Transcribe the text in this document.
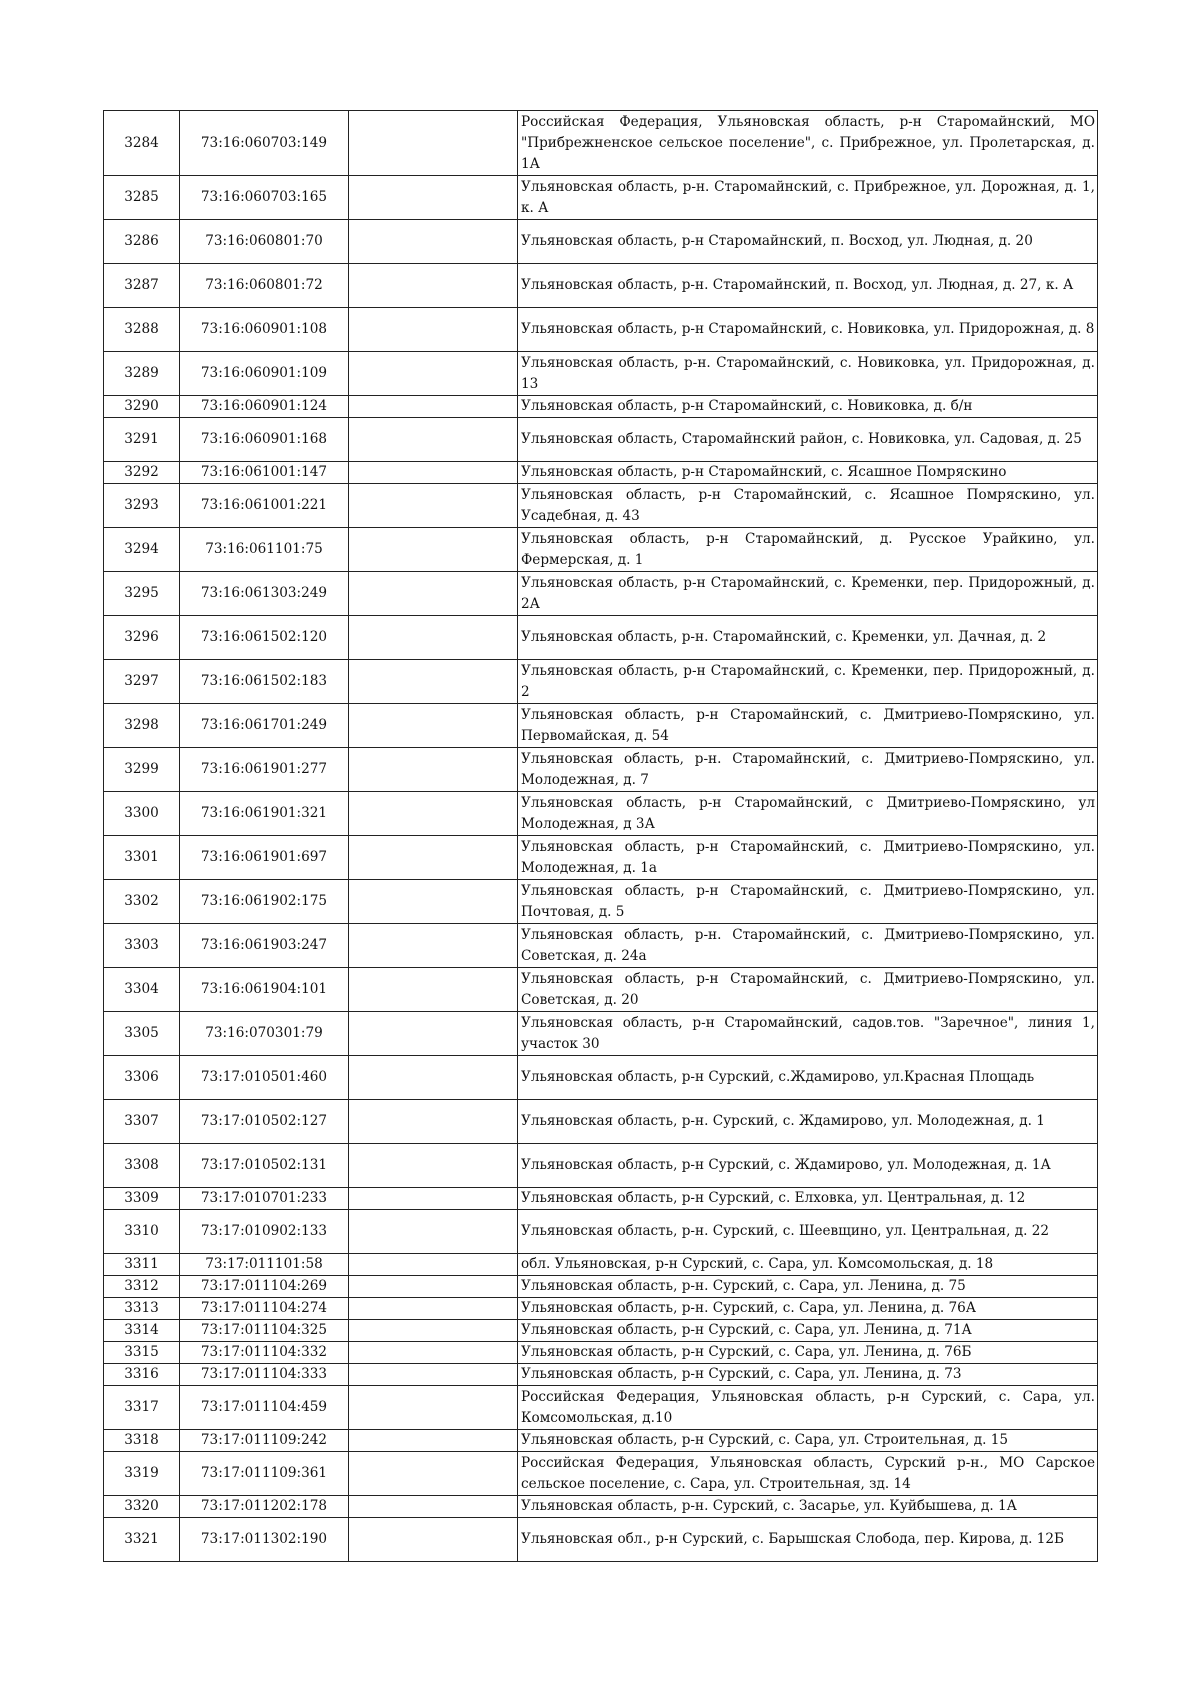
3284	73:16:060703:149		Российская Федерация, Ульяновская область, р-н Старомайнский, МО "Прибрежненское сельское поселение", с. Прибрежное, ул. Пролетарская, д. 1А
3285	73:16:060703:165		Ульяновская область, р-н. Старомайнский, с. Прибрежное, ул. Дорожная, д. 1, к. А
3286	73:16:060801:70		Ульяновская область, р-н Старомайнский, п. Восход, ул. Людная, д. 20
3287	73:16:060801:72		Ульяновская область, р-н. Старомайнский, п. Восход, ул. Людная, д. 27, к. А
3288	73:16:060901:108		Ульяновская область, р-н Старомайнский, с. Новиковка, ул. Придорожная, д. 8
3289	73:16:060901:109		Ульяновская область, р-н. Старомайнский, с. Новиковка, ул. Придорожная, д. 13
3290	73:16:060901:124		Ульяновская область, р-н Старомайнский, с. Новиковка, д. б/н
3291	73:16:060901:168		Ульяновская область, Старомайнский район, с. Новиковка, ул. Садовая, д. 25
3292	73:16:061001:147		Ульяновская область, р-н Старомайнский, с. Ясашное Помряскино
3293	73:16:061001:221		Ульяновская область, р-н Старомайнский, с. Ясашное Помряскино, ул. Усадебная, д. 43
3294	73:16:061101:75		Ульяновская область, р-н Старомайнский, д. Русское Урайкино, ул. Фермерская, д. 1
3295	73:16:061303:249		Ульяновская область, р-н Старомайнский, с. Кременки, пер. Придорожный, д. 2А
3296	73:16:061502:120		Ульяновская область, р-н. Старомайнский, с. Кременки, ул. Дачная, д. 2
3297	73:16:061502:183		Ульяновская область, р-н Старомайнский, с. Кременки, пер. Придорожный, д. 2
3298	73:16:061701:249		Ульяновская область, р-н Старомайнский, с. Дмитриево-Помряскино, ул. Первомайская, д. 54
3299	73:16:061901:277		Ульяновская область, р-н. Старомайнский, с. Дмитриево-Помряскино, ул. Молодежная, д. 7
3300	73:16:061901:321		Ульяновская область, р-н Старомайнский, с Дмитриево-Помряскино, ул Молодежная, д 3А
3301	73:16:061901:697		Ульяновская область, р-н Старомайнский, с. Дмитриево-Помряскино, ул. Молодежная, д. 1а
3302	73:16:061902:175		Ульяновская область, р-н Старомайнский, с. Дмитриево-Помряскино, ул. Почтовая, д. 5
3303	73:16:061903:247		Ульяновская область, р-н. Старомайнский, с. Дмитриево-Помряскино, ул. Советская, д. 24а
3304	73:16:061904:101		Ульяновская область, р-н Старомайнский, с. Дмитриево-Помряскино, ул. Советская, д. 20
3305	73:16:070301:79		Ульяновская область, р-н Старомайнский, садов.тов. "Заречное", линия 1, участок 30
3306	73:17:010501:460		Ульяновская область, р-н Сурский, с.Ждамирово, ул.Красная Площадь
3307	73:17:010502:127		Ульяновская область, р-н. Сурский, с. Ждамирово, ул. Молодежная, д. 1
3308	73:17:010502:131		Ульяновская область, р-н Сурский, с. Ждамирово, ул. Молодежная, д. 1А
3309	73:17:010701:233		Ульяновская область, р-н Сурский, с. Елховка, ул. Центральная, д. 12
3310	73:17:010902:133		Ульяновская область, р-н. Сурский, с. Шеевщино, ул. Центральная, д. 22
3311	73:17:011101:58		обл. Ульяновская, р-н Сурский, с. Сара, ул. Комсомольская, д. 18
3312	73:17:011104:269		Ульяновская область, р-н. Сурский, с. Сара, ул. Ленина, д. 75
3313	73:17:011104:274		Ульяновская область, р-н. Сурский, с. Сара, ул. Ленина, д. 76А
3314	73:17:011104:325		Ульяновская область, р-н Сурский, с. Сара, ул. Ленина, д. 71А
3315	73:17:011104:332		Ульяновская область, р-н Сурский, с. Сара, ул. Ленина, д. 76Б
3316	73:17:011104:333		Ульяновская область, р-н Сурский, с. Сара, ул. Ленина, д. 73
3317	73:17:011104:459		Российская Федерация, Ульяновская область, р-н Сурский, с. Сара, ул. Комсомольская, д.10
3318	73:17:011109:242		Ульяновская область, р-н Сурский, с. Сара, ул. Строительная, д. 15
3319	73:17:011109:361		Российская Федерация, Ульяновская область, Сурский р-н., МО Сарское сельское поселение, с. Сара, ул. Строительная, зд. 14
3320	73:17:011202:178		Ульяновская область, р-н. Сурский, с. Засарье, ул. Куйбышева, д. 1А
3321	73:17:011302:190		Ульяновская обл., р-н Сурский, с. Барышская Слобода, пер. Кирова, д. 12Б
